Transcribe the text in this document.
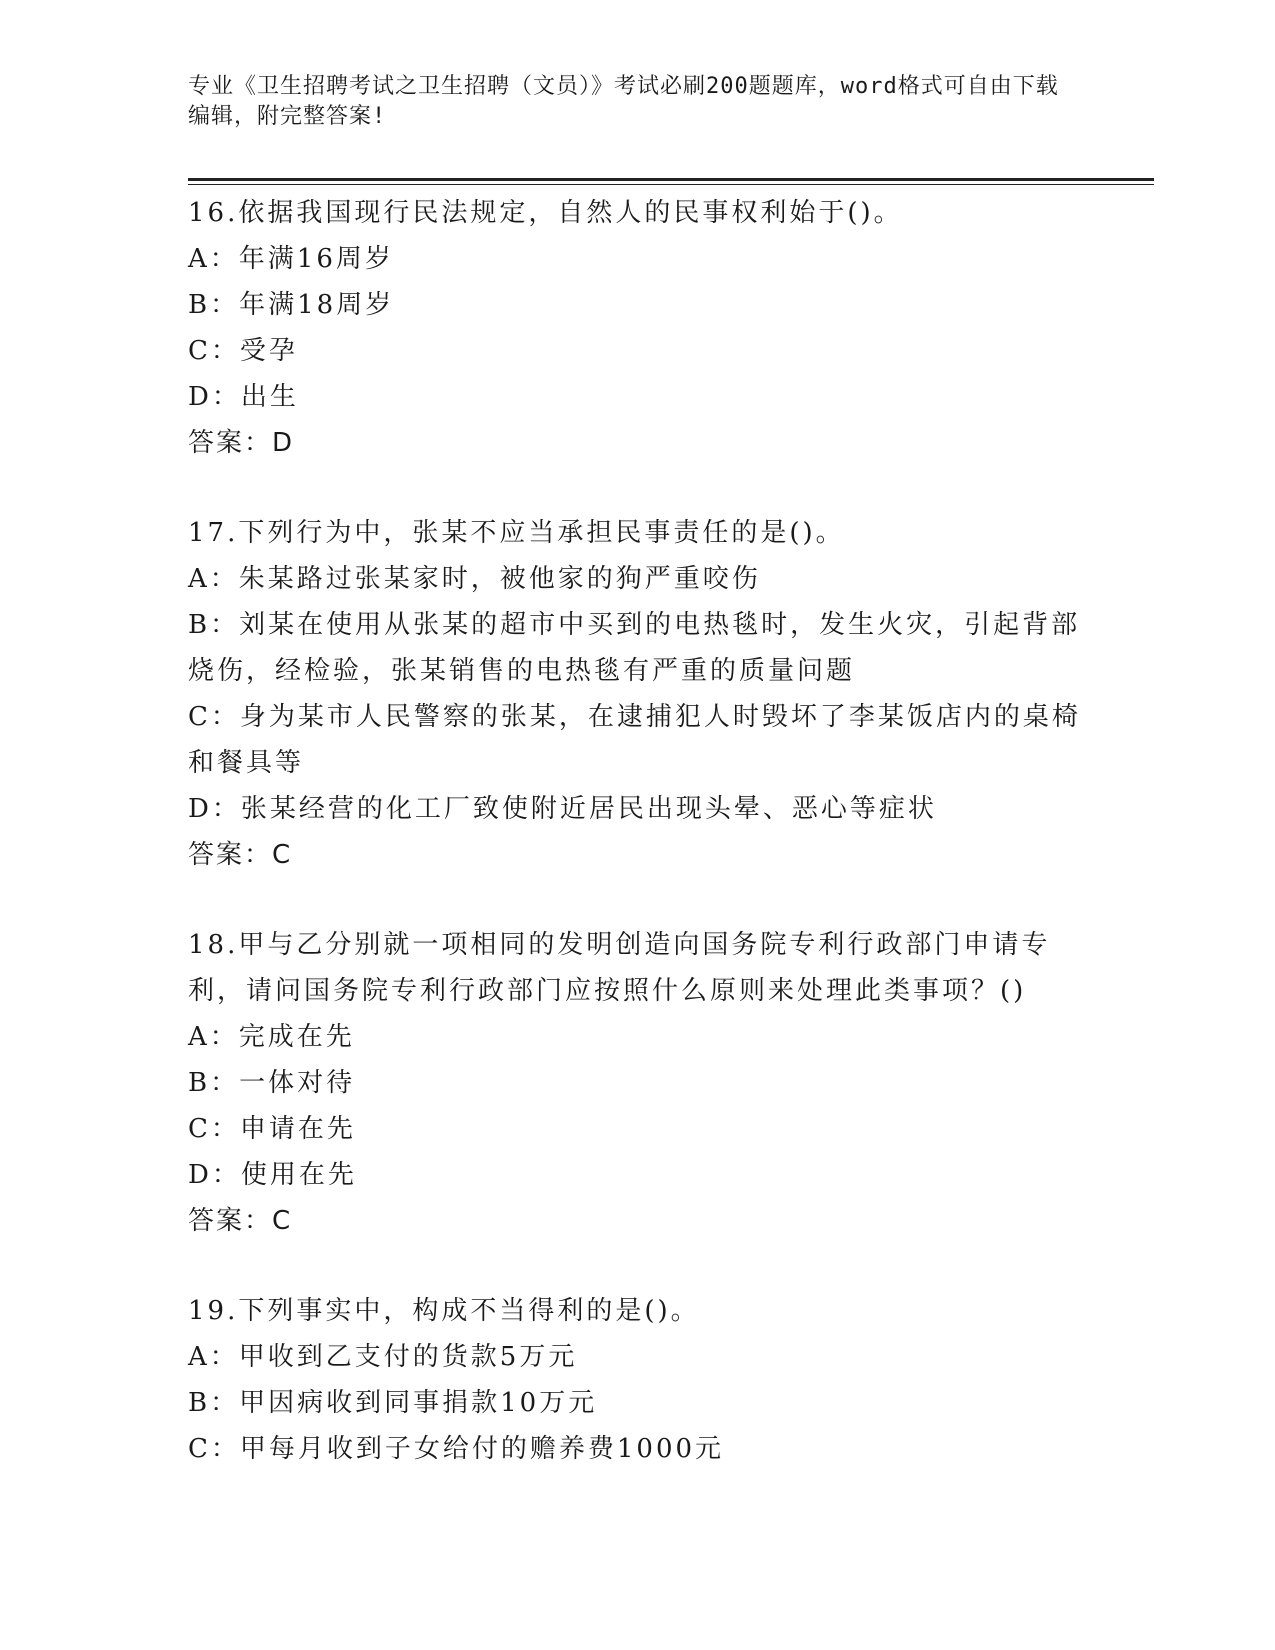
专业《卫生招聘考试之卫生招聘（文员）》考试必刷200题题库，word格式可自由下载编辑，附完整答案!
16.依据我国现行民法规定，自然人的民事权利始于()。
A：年满16周岁
B：年满18周岁
C：受孕
D：出生
答案：D
17.下列行为中，张某不应当承担民事责任的是()。
A：朱某路过张某家时，被他家的狗严重咬伤
B：刘某在使用从张某的超市中买到的电热毯时，发生火灾，引起背部烧伤，经检验，张某销售的电热毯有严重的质量问题
C：身为某市人民警察的张某，在逮捕犯人时毁坏了李某饭店内的桌椅和餐具等
D：张某经营的化工厂致使附近居民出现头晕、恶心等症状
答案：C
18.甲与乙分别就一项相同的发明创造向国务院专利行政部门申请专利，请问国务院专利行政部门应按照什么原则来处理此类事项？()
A：完成在先
B：一体对待
C：申请在先
D：使用在先
答案：C
19.下列事实中，构成不当得利的是()。
A：甲收到乙支付的货款5万元
B：甲因病收到同事捐款10万元
C：甲每月收到子女给付的赡养费1000元
